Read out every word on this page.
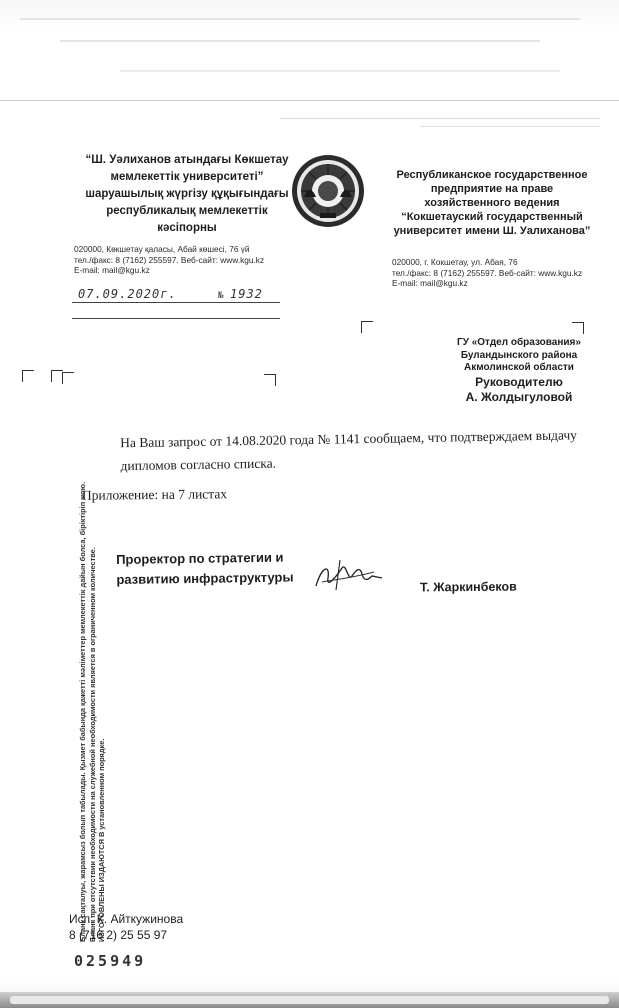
“Ш. Уәлиханов атындағы Көкшетау мемлекеттік университеті” шаруашылық жүргізу құқығындағы республикалық мемлекеттік кәсіпорны
Республиканское государственное предприятие на праве хозяйственного ведения “Кокшетауский государственный университет имени Ш. Уалиханова”
020000, Көкшетау қаласы, Абай көшесі, 76 үй
тел./факс: 8 (7162) 255597. Веб-сайт: www.kgu.kz
E-mail: mail@kgu.kz
020000, г. Кокшетау, ул. Абая, 76
тел./факс: 8 (7162) 255597. Веб-сайт: www.kgu.kz
E-mail: mail@kgu.kz
07.09.2020г.	№ 1932
ГУ «Отдел образования»
Буландынского района
Акмолинской области
Руководителю
А. Жолдыгуловой
На Ваш запрос от 14.08.2020 года № 1141 сообщаем, что подтверждаем выдачу дипломов согласно списка.
Приложение: на 7 листах
Проректор по стратегии и
развитию инфраструктуры
Т. Жаркинбеков
Бланк сақталуы, жарамсыз болып табылады. Қызмет бабында қажетті мәліметтер мемлекеттік дайын болса, біріктіріп жою. Бланк при отсутствии необходимости на служебной необходимости является в ограниченном количестве. ИЗГОТОВЛЕНЫ ИЗДАЮТСЯ В установленном порядке.
Исп: К. Айткужинова
8 (716 2) 25 55 97
025949
